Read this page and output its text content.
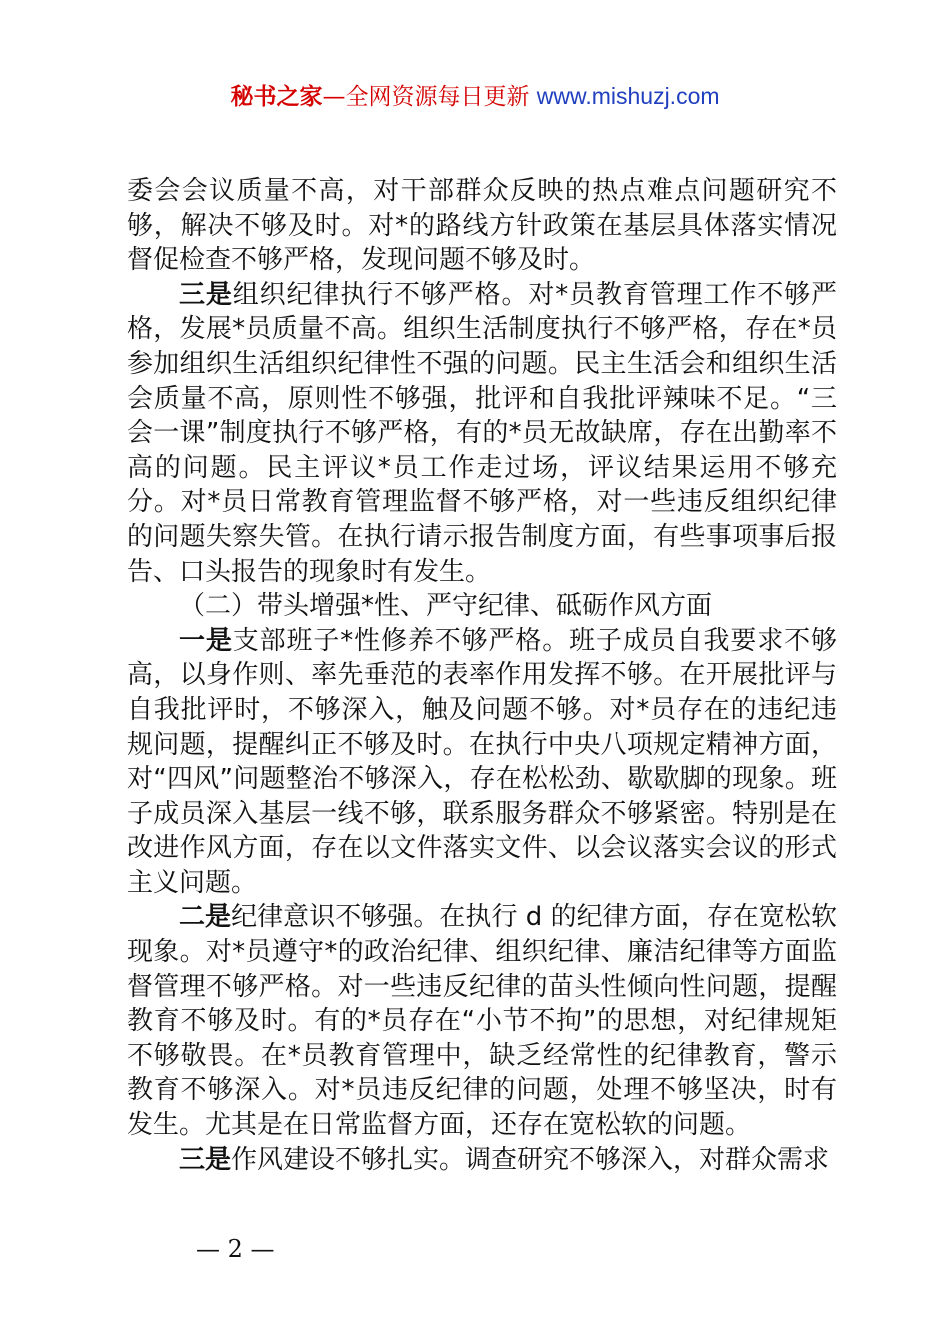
秘书之家—全网资源每日更新 www.mishuzj.com

委会会议质量不高，对干部群众反映的热点难点问题研究不够，解决不够及时。对*的路线方针政策在基层具体落实情况督促检查不够严格，发现问题不够及时。

三是组织纪律执行不够严格。对*员教育管理工作不够严格，发展*员质量不高。组织生活制度执行不够严格，存在*员参加组织生活组织纪律性不强的问题。民主生活会和组织生活会质量不高，原则性不够强，批评和自我批评辣味不足。“三会一课”制度执行不够严格，有的*员无故缺席，存在出勤率不高的问题。民主评议*员工作走过场，评议结果运用不够充分。对*员日常教育管理监督不够严格，对一些违反组织纪律的问题失察失管。在执行请示报告制度方面，有些事项事后报告、口头报告的现象时有发生。

（二）带头增强*性、严守纪律、砥砺作风方面

一是支部班子*性修养不够严格。班子成员自我要求不够高，以身作则、率先垂范的表率作用发挥不够。在开展批评与自我批评时，不够深入，触及问题不够。对*员存在的违纪违规问题，提醒纠正不够及时。在执行中央八项规定精神方面，对“四风”问题整治不够深入，存在松松劲、歇歇脚的现象。班子成员深入基层一线不够，联系服务群众不够紧密。特别是在改进作风方面，存在以文件落实文件、以会议落实会议的形式主义问题。

二是纪律意识不够强。在执行 d 的纪律方面，存在宽松软现象。对*员遵守*的政治纪律、组织纪律、廉洁纪律等方面监督管理不够严格。对一些违反纪律的苗头性倾向性问题，提醒教育不够及时。有的*员存在“小节不拘”的思想，对纪律规矩不够敬畏。在*员教育管理中，缺乏经常性的纪律教育，警示教育不够深入。对*员违反纪律的问题，处理不够坚决，时有发生。尤其是在日常监督方面，还存在宽松软的问题。

三是作风建设不够扎实。调查研究不够深入，对群众需求

— 2 —
